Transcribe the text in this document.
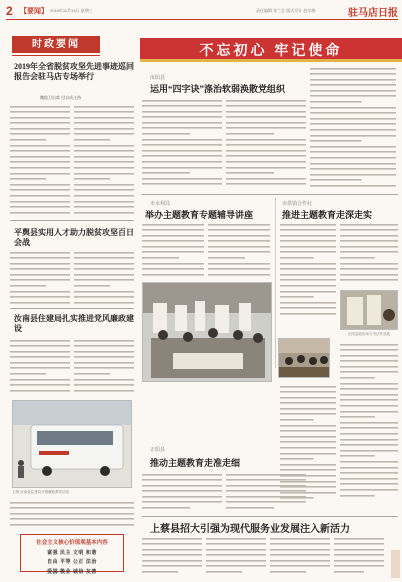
2 【要闻】 2019年11月13日 星期三	责任编辑 张兰艺 版式设计 赵尔敏	驻马店日报
时政要闻	不忘初心 牢记使命
2019年全省脱贫攻坚先进事迹巡回报告会驻马店专场举行
魏俊卫出席 付自成主持
汝阳县
运用“四字诀”涤治软弱涣散党组织
平舆县实用人才助力脱贫攻坚百日会战
市水利局
举办主题教育专题辅导讲座
市供销合作社
推进主题教育走深走实
正阳县政协举办书法作品展
汝南县住建局扎实推进党风廉政建设
上图 汝南县住建局开展廉政教育活动
正阳县
推动主题教育走准走细
上蔡县招大引强为现代服务业发展注入新活力
社会主义核心价值观基本内容
富强 民主 文明 和谐
自由 平等 公正 法治
爱国 敬业 诚信 友善
